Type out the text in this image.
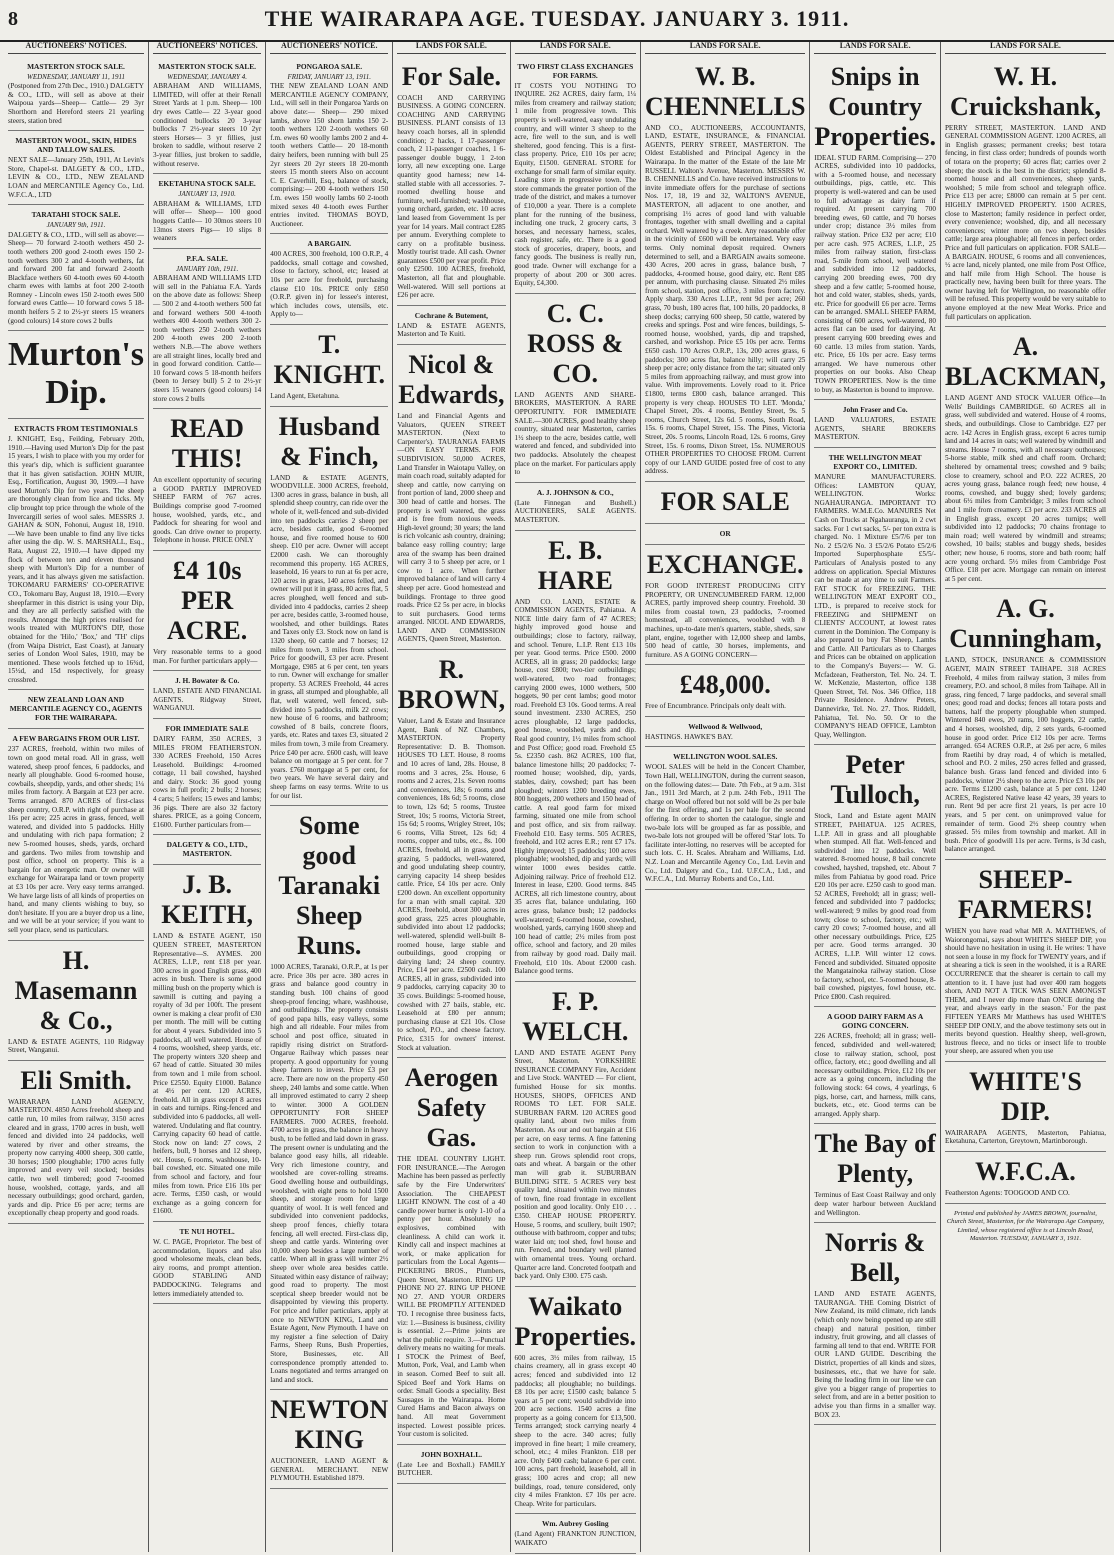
8	THE WAIRARAPA AGE. TUESDAY. JANUARY 3. 1911.
AUCTIONEERS' NOTICES.
MASTERTON STOCK SALE.
WEDNESDAY, JANUARY 11, 1911

(Postponed from 27th Dec., 1910.) DALGETY & CO., LTD., will sell as above at their Waipoua yards—Sheep— Cattle— 29 3yr Shorthorn and Hereford steers 21 yearling steers, station bred

MASTERTON WOOL, SKIN, HIDES AND TALLOW SALES.

NEXT SALE—January 25th, 1911, At Levin's Store, Chapel-st. DALGETY & CO., LTD., LEVIN & CO., LTD., NEW ZEALAND LOAN and MERCANTILE Agency Co., Ltd. W.F.C.A., LTD

TARATAHI STOCK SALE.
JANUARY 9th, 1911.

DALGETY & CO., LTD., will sell as above:— Sheep— 70 forward 2-tooth wethers 450 2-tooth wethers 200 good 2-tooth ewes 150 2-tooth wethers 300 2 and 4-tooth wethers, fat and forward 200 fat and forward 2-tooth Blackface wethers 60 4-tooth ewes 60 4-tooth charm ewes with lambs at foot 200 2-tooth Romney - Lincoln ewes 150 2-tooth ewes 500 forward ewes Cattle— 10 forward cows 5 18-month heifers 5 2 to 2½-yr steers 15 weaners (good colours) 14 store cows 2 bulls

Murton's Dip.
EXTRACTS FROM TESTIMONIALS

J. KNIGHT, Esq., Feilding, February 20th, 1910.—Having used Murton's Dip for the past 15 years, I wish to place with you my order for this year's dip, which is sufficient guarantee that it has given satisfaction. JOHN MUIR, Esq., Fortification, August 30, 1909.—I have used Murton's Dip for two years. The sheep are thoroughly clean from lice and ticks. My clip brought top price through the whole of the Invercargill series of wool sales. MESSRS J. GAHAN & SON, Fohonui, August 18, 1910.—We have been unable to find any live ticks after using the dip. W. S. MARSHALL, Esq., Rata, August 22, 1910.—I have dipped my flock of between ten and eleven thousand sheep with Murton's Dip for a number of years, and it has always given me satisfaction. TOKOMARU FARMERS' CO-OPERATIVE CO., Tokomaru Bay, August 18, 1910.—Every sheepfarmer in this district is using your Dip, and they are all perfectly satisfied with the results. Amongst the high prices realised for wools treated with MURTON'S DIP, those obtained for the 'Hilo,' 'Box,' and 'TH' clips (from Waipa District, East Coast), at January series of London Wool Sales, 1910, may be mentioned. These wools fetched up to 16¾d, 15½d, and 15d respectively, for greasy crossbred.

NEW ZEALAND LOAN AND MERCANTILE AGENCY CO., AGENTS FOR THE WAIRARAPA.
A FEW BARGAINS FROM OUR LIST.

237 ACRES, freehold, within two miles of town on good metal road. All in grass, well watered, sheep proof fences, 6 paddocks, and nearly all ploughable. Good 6-roomed house, cowbails, sheepdip, yards, and other sheds; 1¼ miles from factory. A Bargain at £23 per acre. Terms arranged. 870 ACRES of first-class sheep country, O.R.P. with right of purchase at 16s per acre; 225 acres in grass, fenced, well watered, and divided into 5 paddocks. Hilly and undulating with rich papa formation; 2 new 5-roomed houses, sheds, yards, orchard and gardens. Two miles from township and post office, school on property. This is a bargain for an energetic man. Or owner will exchange for Wairarapa land or town property at £3 10s per acre. Very easy terms arranged. We have large lists of all kinds of properties on hand, and many clients wishing to buy, so don't hesitate. If you are a buyer drop us a line, and we will be at your service; if you want to sell your place, send us particulars.

H. Masemann & Co.,

LAND & ESTATE AGENTS, 110 Ridgway Street, Wanganui.

Eli Smith.

WAIRARAPA LAND AGENCY, MASTERTON. 4850 Acres freehold sheep and cattle run, 10 miles from railway, 3150 acres cleared and in grass, 1700 acres in bush, well fenced and divided into 24 paddocks, well watered by river and other streams, the property now carrying 4000 sheep, 300 cattle, 30 horses; 1500 ploughable; 1700 acres fully improved and every veil stocked; besides cattle, two well timbered; good 7-roomed house, woolshed, cottage, yards, and all necessary outbuildings; good orchard, garden, yards and dip. Price £6 per acre; terms are exceptionally cheap property and good roads.

AUCTIONEERS' NOTICES.
MASTERTON STOCK SALE.
WEDNESDAY, JANUARY 4.

ABRAHAM AND WILLIAMS, LIMITED, will offer at their Renall Street Yards at 1 p.m. Sheep— 100 dry ewes Cattle— 22 3-year good conditioned bullocks 20 3-year bullocks 7 2½-year steers 10 2yr steers Horses— 3 yr fillies, just broken to saddle, without reserve 2 3-year fillies, just broken to saddle, without reserve.

EKETAHUNA STOCK SALE.
JANUARY 13, 1910.

ABRAHAM & WILLIAMS, LTD will offer— Sheep— 100 good hoggets Cattle— 10 30mos steers 10 13mos steers Pigs— 10 slips 8 weaners

P.F.A. SALE.
JANUARY 10th, 1911.

ABRAHAM AND WILLIAMS LTD will sell in the Pahiatua F.A. Yards on the above date as follows: Sheep— 500 2 and 4-tooth wethers 500 fat and forward wethers 500 4-tooth wethers 400 4-tooth wethers 300 2-tooth wethers 250 2-tooth wethers 200 4-tooth ewes 200 2-tooth wethers N.B.—The above wethers are all straight lines, locally bred and in good forward condition. Cattle— 10 forward cows 5 18-month heifers (been to Jersey bull) 5 2 to 2½-yr steers 15 weaners (good colours) 14 store cows 2 bulls

READ THIS!

An excellent opportunity of securing a GOOD PARTLY IMPROVED SHEEP FARM of 767 acres. Buildings comprise good 7-roomed house, woolshed, yards, etc., and Paddock for shearing for wool and goods. Can drive owner to property. Telephone in house. PRICE ONLY

£4 10s PER ACRE.

Very reasonable terms to a good man. For further particulars apply—

J. H. Bowater & Co.

LAND, ESTATE AND FINANCIAL AGENTS. Ridgway Street, WANGANUI.

FOR IMMEDIATE SALE

DAIRY FARM, 350 ACRES, 3 MILES FROM FEATHERSTON. 330 ACRES Freehold, 150 Acres Leasehold. Buildings: 4-roomed cottage, 11 bail cowshed, hayshed and dairy. Stock: 36 good young cows in full profit; 2 bulls; 2 horses; 4 carts; 5 heifers; 15 ewes and lambs; 36 pigs. There are also 32 factory shares. PRICE, as a going Concern, £1600. Further particulars from—

DALGETY & CO., LTD., MASTERTON.
J. B. KEITH,

LAND & ESTATE AGENT, 150 QUEEN STREET, MASTERTON Representative—S. AYMES. 200 ACRES, L.I.P., rent £18 per year. 300 acres in good English grass, 400 acres in bush. There is some good milling bush on the property which is sawmill is cutting and paying a royalty of 3d per 100ft. The present owner is making a clear profit of £30 per month. The mill will be cutting for about 4 years. Subdivided into 5 paddocks, all well watered. House of 4 rooms, woolshed, sheep yards, etc. The property winters 320 sheep and 67 head of cattle. Situated 30 miles from town and 1 mile from school. Price £2550. Equity £1000. Balance at 4½ per cent. 120 ACRES, freehold. All in grass except 8 acres in oats and turnips. Ring-fenced and subdivided into 6 paddocks, all well-watered. Undulating and flat country. Carrying capacity 60 head of cattle. Stock now on land: 27 cows, 2 heifers, bull, 9 horses and 12 sheep, etc. House, 6 rooms, washhouse, 10-bail cowshed, etc. Situated one mile from school and factory, and four miles from town. Price £16 10s per acre. Terms, £350 cash, or would exchange as a going concern for £1600.

TE NUI HOTEL.

W. C. PAGE, Proprietor. The best of accommodation, liquors and also good wholesome meals, clean beds, airy rooms, and prompt attention. GOOD STABLING AND PADDOCKING. Telegrams and letters immediately attended to.

AUCTIONEERS' NOTICE.
PONGAROA SALE.
FRIDAY, JANUARY 13, 1911.

THE NEW ZEALAND LOAN AND MERCANTILE AGENCY COMPANY, Ltd., will sell in their Pongaroa Yards on above date:— Sheep— 290 mixed lambs, above 150 shorn lambs 150 2-tooth wethers 120 2-tooth wethers 60 f.m. ewes 60 woolly lambs 200 2 and 4-tooth wethers Cattle— 20 18-month dairy heifers, been running with bull 25 2yr steers 20 2yr steers 18 20-month steers 15 month steers Also on account C. E. Caverhill, Esq., balance of stock, comprising:— 200 4-tooth wethers 150 f.m. ewes 150 woolly lambs 60 2-tooth mixed sexes 40 4-tooth ewes Further entries invited. THOMAS BOYD, Auctioneer.

A BARGAIN.

400 ACRES, 300 freehold, 100 O.R.P., 4 paddocks, small cottage and cowshed, close to factory, school, etc; leased at 10s per acre for freehold, purchasing clause £10 10s. PRICE only £850 (O.R.P. given in) for lessee's interest, which includes cows, utensils, etc. Apply to—

T. KNIGHT.

Land Agent, Eketahuna.

Husband & Finch,

LAND & ESTATE AGENTS, WOODVILLE. 3000 ACRES, freehold, 1300 acres in grass, balance in bush, all splendid sheep country, can ride over the whole of it, well-fenced and sub-divided into ten paddocks carries 2 sheep per acre, besides cattle, good 6-roomed house, and five roomed house to 600 sheep. £10 per acre. Owner will accept £2000 cash. We can thoroughly recommend this property. 165 ACRES, leasehold, 16 years to run at 6s per acre, 120 acres in grass, 140 acres felled, and owner will put it in grass, 80 acres flat, 5 acres ploughed, well fenced and sub-divided into 4 paddocks, carries 2 sheep per acre, besides cattle, 3-roomed house, woolshed, and other buildings. Rates and Taxes only £3. Stock now on land is 1320 sheep, 60 cattle and 7 horses; 12 miles from town, 3 miles from school. Price for goodwill, £3 per acre. Present Mortgage, £985 at 6 per cent, ten years to run. Owner will exchange for smaller property. 53 ACRES Freehold, 44 acres in grass, all stumped and ploughable, all flat, well watered, well fenced, sub-divided into 5 paddocks, milk 22 cows; new house of 6 rooms, and bathroom; cowshed of 8 bails, concrete floors, yards, etc. Rates and taxes £3, situated 2 miles from town, 3 mile from Creamery. Price £40 per acre. £600 cash, will leave balance on mortgage at 5 per cent. for 7 years. £760 mortgage at 5 per cent, for two years. We have several dairy and sheep farms on easy terms. Write to us for our list.

Some good Taranaki Sheep Runs.

1000 ACRES, Taranaki, O.R.P., at 1s per acre. Price 30s per acre. 380 acres in grass and balance good country in standing bush. 100 chains of good sheep-proof fencing; whare, washhouse, and outbuildings. The property consists of good papa hills, easy valleys, some high and all rideable. Four miles from school and post office, situated in rapidly rising district on Stratford-Ongarue Railway which passes near property. A good opportunity for young sheep farmers to invest. Price £3 per acre. There are now on the property 450 sheep, 240 lambs and some cattle. When all improved estimated to carry 2 sheep to winter. 3000 A GOLDEN OPPORTUNITY FOR SHEEP FARMERS. 7000 ACRES, freehold. 4700 acres in grass, the balance in heavy bush, to be felled and laid down in grass. The present owner is undulating and the balance good easy hills, all rideable. Very rich limestone country, and woolshed are cover-rolling streams. Good dwelling house and outbuildings, woolshed, with eight pens to hold 1500 sheep, and storage room for large quantity of wool. It is well fenced and subdivided into convenient paddocks, sheep proof fences, chiefly totara fencing, all well erected. First-class dip, sheep and cattle yards. Wintering over 10,000 sheep besides a large number of cattle. When all in grass will winter 2½ sheep over whole area besides cattle. Situated within easy distance of railway; good road to property. The most sceptical sheep breeder would not be disappointed by viewing this property. For price and fuller particulars, apply at once to NEWTON KING, Land and Estate Agent, New Plymouth. I have on my register a fine selection of Dairy Farms, Sheep Runs, Bush Properties, Store, Businesses, etc. All correspondence promptly attended to. Loans negotiated and terms arranged on land and stock.

NEWTON KING

AUCTIONEER, LAND AGENT & GENERAL MERCHANT. NEW PLYMOUTH. Established 1879.

LANDS FOR SALE.
For Sale.

COACH AND CARRYING BUSINESS. A GOING CONCERN. COACHING AND CARRYING BUSINESS. PLANT consists of 13 heavy coach horses, all in splendid condition; 2 hacks, 1 17-passenger coach, 2 11-passenger coaches, 1 6-passenger double buggy, 1 2-ton lorry, all new excepting one. Large quantity good harness; new 14-stalled stable with all accessories. 7-roomed dwelling house and furniture, well-furnished; washhouse, young orchard, garden, etc. 10 acres land leased from Government 1s per year for 14 years. Mail contract £285 per annum. Everything complete to carry on a profitable business. Mostly tourist trade. All cash. Owner guarantees £500 per year profit. Price only £2500. 100 ACRES, freehold, Masterton, all flat and ploughable. Well-watered. Will sell portions at £26 per acre.

Cochrane & Butement,

LAND & ESTATE AGENTS, Masterton and Te Kuiti.

Nicol & Edwards,

Land and Financial Agents and Valuators, QUEEN STREET MASTERTON. (Next to Carpenter's). TAURANGA FARMS—ON EASY TERMS. FOR SUBDIVISION. 50,000 ACRES, Land Transfer in Waiotapu Valley, on main coach road, suitably adapted for sheep and cattle, now carrying on front portion of land, 2000 sheep and 300 head of cattle and horses. The property is well watered, the grass and is free from noxious weeds. High-level ground; 30 years; the land is rich volcanic ash country, draining; balance easy rolling country; large area of the swamp has been drained will carry 3 to 5 sheep per acre, or 1 cow to 1 acre. When further improved balance of land will carry 4 sheep per acre. Good homestead and buildings. Frontage to three good roads. Price £2 5s per acre, in blocks to suit purchasers. Good terms arranged. NICOL AND EDWARDS, LAND AND COMMISSION AGENTS, Queen Street, Masterton.

R. BROWN,

Valuer, Land & Estate and Insurance Agent, Bank of NZ Chambers, MASTERTON. Property Representative: D. B. Thomson. HOUSES TO LET. House, 8 rooms and 10 acres of land, 28s. House, 8 rooms and 3 acres, 25s. House, 6 rooms and 2 acres, 21s. Seven rooms and conveniences, 18s; 6 rooms and conveniences, 18s 6d; 5 rooms, close to town, 12s 6d; 5 rooms, Trustee Street, 10s; 5 rooms, Victoria Street, 15s 6d; 5 rooms, Wrigley Street, 10s; 6 rooms, Villa Street, 12s 6d; 4 rooms, copper and tubs, etc., 8s. 100 ACRES, freehold, all in grass, good grazing, 5 paddocks, well-watered, and good undulating sheep country, carrying capacity 14 sheep besides cattle. Price, £4 10s per acre. Only £200 down. An excellent opportunity for a man with small capital. 320 ACRES, freehold, about 300 acres in good grass, 225 acres ploughable, subdivided into about 12 paddocks; well-watered, splendid well-built 8-roomed house, large stable and outbuildings, good cropping or dairying land; 24 sheep country. Price, £14 per acre. £2500 cash. 100 ACRES, all in grass, subdivided into 9 paddocks, carrying capacity 30 to 35 cows. Buildings: 5-roomed house, cowshed with 27 bails, stable, etc. Leasehold at £80 per annum; purchasing clause at £21 10s. Close to school, P.O., and cheese factory. Price, £315 for owners' interest. Stock at valuation.

Aerogen Safety Gas.

THE IDEAL COUNTRY LIGHT. FOR INSURANCE.—The Aerogen Machine has been passed as perfectly safe by the Fire Underwriters' Association. The CHEAPEST LIGHT KNOWN. The cost of a 40 candle power burner is only 1-10 of a penny per hour. Absolutely no explosives, combined with cleanliness. A child can work it. Kindly call and inspect machines at work, or make application for particulars from the Local Agents— PICKERING BROS., Plumbers, Queen Street, Masterton. RING UP PHONE NO 27. RING UP PHONE NO 27. AND YOUR ORDERS WILL BE PROMPTLY ATTENDED TO. I recognise three business facts, viz: 1.—Business is business, civility is essential. 2.—Prime joints are what the public require. 3.—Punctual delivery means no waiting for meals. I STOCK the Primest of Beef, Mutton, Pork, Veal, and Lamb when in season. Corned Beef to suit all. Spiced Beef and York Hams on order. Small Goods a speciality. Best Sausages in the Wairarapa. Home Cured Hams and Bacon always on hand. All meat Government inspected. Lowest possible prices. Your custom is solicited.

JOHN BOXHALL.

(Late Lee and Boxhall.) FAMILY BUTCHER.

LANDS FOR SALE.
TWO FIRST CLASS EXCHANGES FOR FARMS.

IT COSTS YOU NOTHING TO INQUIRE. 262 ACRES, dairy farm, 1¼ miles from creamery and railway station; 1 mile from progressive town. This property is well-watered, easy undulating country, and will winter 3 sheep to the acre, fire well to the sun, and is well sheltered, good fencing. This is a first-class property. Price, £10 10s per acre; Equity, £1500. GENERAL STORE for exchange for small farm of similar equity. Leading store in progressive town. The store commands the greater portion of the trade of the district, and makes a turnover of £10,000 a year. There is a complete plant for the running of the business, including one truck, 2 grocery carts, 3 horses, and necessary harness, scales, cash register, safe, etc. There is a good stock of groceries, drapery, boots, and fancy goods. The business is really run, good trade. Owner will exchange for a property of about 200 or 300 acres. Equity, £4,300.

C. C. ROSS & CO.

LAND AGENTS AND SHARE-BROKERS, MASTERTON. A RARE OPPORTUNITY. FOR IMMEDIATE SALE.—300 ACRES, good healthy sheep country, situated near Masterton, carries 1½ sheep to the acre, besides cattle, well watered and fenced, and subdivided into two paddocks. Absolutely the cheapest place on the market. For particulars apply to

A. J. JOHNSON & CO.,

(Late Finnegan and Bushell.) AUCTIONEERS, SALE AGENTS. MASTERTON.

E. B. HARE

AND CO. LAND, ESTATE & COMMISSION AGENTS, Pahiatua. A NICE little dairy farm of 47 ACRES; highly improved good house and outbuildings; close to factory, railway, and school. Tenure, L.I.P. Rent £13 10s per year. Good terms. Price £500. 2000 ACRES, all in grass; 20 paddocks; large house, cost £800; two-tier outbuildings; well-watered, two road frontages; carrying 2000 ewes, 1000 wethers, 500 hoggets, 90 per cent lambs; good motor road. Freehold £3 10s. Good terms. A real sound investment. 2330 ACRES, 250 acres ploughable, 12 large paddocks, good house, woolshed, yards and dip. Real good country, 1½ miles from school and Post Office; good road. Freehold £5 5s. £2350 cash. 862 ACRES, 100 flat, balance limestone hills; 20 paddocks; 7-roomed house; woolshed, dip, yards, stables, dairy, cowshed; part has been ploughed; winters 1200 breeding ewes, 800 hoggets, 200 wethers and 150 head of cattle. A real good farm for mixed farming, situated one mile from school and post office, and six from railway. Freehold £10. Easy terms. 505 ACRES, freehold, and 102 acres E.R.; rent £7 17s. Highly improved; 15 paddocks; 100 acres ploughable; woolshed, dip and yards; will winter 1000 ewes besides cattle. Adjoining railway. Price of freehold £12. Interest in lease, £200. Good terms. 845 ACRES, all rich limestone country, about 35 acres flat, balance undulating, 160 acres grass, balance bush; 12 paddocks well-watered; 6-roomed house, cowshed, woolshed, yards, carrying 1600 sheep and 100 head of cattle; 2½ miles from post office, school and factory, and 20 miles from railway by good road. Daily mail. Freehold, £10 10s. About £2000 cash. Balance good terms.

F. P. WELCH.

LAND AND ESTATE AGENT Perry Street, Masterton. YORKSHIRE INSURANCE COMPANY Fire, Accident and Live Stock. WANTED — For client, furnished House for six months. HOUSES, SHOPS, OFFICES AND ROOMS TO LET. FOR SALE. SUBURBAN FARM. 120 ACRES good quality land, about two miles from Masterton. As our and out bargain at £16 per acre, on easy terms. A fine fattening section to work in conjunction with a sheep run. Grows splendid root crops, oats and wheat. A bargain or the other man will grab it. SUBURBAN BUILDING SITE. 5 ACRES very best quality land, situated within two minutes of town, fine road frontage in excellent position and good locality. Only £10 . . . £350. CHEAP HOUSE PROPERTY. House, 5 rooms, and scullery, built 1907; outhouse with bathroom, copper and tubs; water laid on; tool shed, fowl house and run. Fenced, and boundary well planted with ornamental trees. Young orchard. Quarter acre land. Concreted footpath and back yard. Only £300. £75 cash.

Waikato Properties.

600 acres, 3½ miles from railway, 15 chains creamery, all in grass except 40 acres; fenced and subdivided into 12 paddocks; all ploughable; no buildings. £8 10s per acre; £1500 cash; balance 5 years at 5 per cent; would subdivide into 200 acre sections. 1540 acres a fine property as a going concern for £13,500. Terms arranged; stock carrying nearly 4 sheep to the acre. 340 acres; fully improved in fine heart; 1 mile creamery, school, etc.; 4 miles Frankton. £18 per acre. Only £400 cash; balance 6 per cent. 100 acres, part freehold, leasehold, all in grass; 100 acres and crop; all new buildings, road, tenure considered, only city 4 miles Frankton. £7 10s per acre. Cheap. Write for particulars.

Wm. Aubrey Gosling

(Land Agent) FRANKTON JUNCTION, WAIKATO

LANDS FOR SALE.
W. B. CHENNELLS

AND CO., AUCTIONEERS, ACCOUNTANTS, LAND, ESTATE, INSURANCE, & FINANCIAL AGENTS, PERRY STREET, MASTERTON. The Oldest Established and Principal Agency in the Wairarapa. In the matter of the Estate of the late Mr RUSSELL Walton's Avenue, Masterton. MESSRS W. B. CHENNELLS and Co. have received instructions to invite immediate offers for the purchase of sections Nos. 17, 18, 19 and 32, WALTON'S AVENUE, MASTERTON, all adjacent to one another, and comprising 1½ acres of good land with valuable frontages, together with small dwelling and a capital orchard. Well watered by a creek. Any reasonable offer in the vicinity of £600 will be entertained. Very easy terms. Only nominal deposit required. Owners determined to sell, and a BARGAIN awaits someone. 430 Acres, 200 acres in grass, balance bush, 7 paddocks, 4-roomed house, good dairy, etc. Rent £85 per annum, with purchasing clause. Situated 2½ miles from school, station, post office, 3 miles from factory. Apply sharp. 330 Acres L.I.P., rent 9d per acre; 260 grass, 70 bush, 180 acres flat, 100 hills, 20 paddocks, 8 sheep docks; carrying 600 sheep, 50 cattle, watered by creeks and springs. Post and wire fences, buildings, 5-roomed house, woolshed, yards, dip and trapshed, carshed, and workshop. Price £5 10s per acre. Terms £650 cash. 170 Acres O.R.P., 13s, 200 acres grass, 6 paddocks; 300 acres flat, balance hilly; will carry 25 sheep per acre; only distance from the tar; situated only 5 miles from approaching railway, and must grow into value. With improvements. Lovely road to it. Price £1800, terms £800 cash, balance arranged. This property is very cheap. HOUSES TO LET. 'Monda,' Chapel Street, 20s. 4 rooms, Bentley Street, 9s. 5 rooms, Church Street, 12s 6d. 5 rooms, South Road, 15s. 6 rooms, Chapel Street, 15s. The Pines, Victoria Street, 20s. 5 rooms, Lincoln Road, 12s. 6 rooms, Grey Street, 15s. 6 rooms, Dixon Street, 15s. NUMEROUS OTHER PROPERTIES TO CHOOSE FROM. Current copy of our LAND GUIDE posted free of cost to any address.

FOR SALE
OR
EXCHANGE.

FOR GOOD INTEREST PRODUCING CITY PROPERTY, OR UNENCUMBERED FARM. 12,000 ACRES, partly improved sheep country. Freehold. 30 miles from coastal town, 23 paddocks, 7-roomed homestead, all conveniences, woolshed with 8 machines, up-to-date men's quarters, stable, sheds, saw plant, engine, together with 12,000 sheep and lambs, 500 head of cattle, 30 horses, implements, and furniture. AS A GOING CONCERN—

£48,000.

Free of Encumbrance. Principals only dealt with.

Wellwood & Wellwood,

HASTINGS. HAWKE'S BAY.

WELLINGTON WOOL SALES.

WOOL SALES will be held in the Concert Chamber, Town Hall, WELLINGTON, during the current season, on the following dates:— Date. 7th Feb., at 9 a.m. 31st Jan., 1911 3rd March, at 2 p.m. 24th Feb., 1911 The charge on Wool offered but not sold will be 2s per bale for the first offering, and 1s per bale for the second offering. In order to shorten the catalogue, single and two-bale lots will be grouped as far as possible, and two-bale lots not grouped will be offered 'Star' lots. To facilitate inter-lotting, no reserves will be accepted for such lots. C. H. Scales. Abraham and Williams, Ltd. N.Z. Loan and Mercantile Agency Co., Ltd. Levin and Co., Ltd. Dalgety and Co., Ltd. U.F.C.A., Ltd., and W.F.C.A., Ltd. Murray Roberts and Co., Ltd.

LANDS FOR SALE.
Snips in Country Properties.

IDEAL STUD FARM. Comprising— 270 ACRES, subdivided into 10 paddocks, with a 5-roomed house, and necessary outbuildings, pigs, cattle, etc. This property is well-watered and can be used to full advantage as dairy farm if required. At present carrying 700 breeding ewes, 60 cattle, and 70 horses under crop; distance 3½ miles from railway station. Price £32 per acre; £10 per acre cash. 975 ACRES, L.I.P., 25 miles from railway station, first-class road, 5-mile from school, well watered and subdivided into 12 paddocks, carrying 200 breeding ewes, 700 dry sheep and a few cattle; 5-roomed house, hot and cold water, stables, sheds, yards, etc. Price for goodwill £6 per acre. Terms can be arranged. SMALL SHEEP FARM, consisting of 600 acres, well-watered, 80 acres flat can be used for dairying. At present carrying 600 breeding ewes and 60 cattle. 13 miles from station. Yards, etc. Price, £6 10s per acre. Easy terms arranged. We have numerous other properties on our books. Also Cheap TOWN PROPERTIES. Now is the time to buy, as Masterton is bound to improve.

John Fraser and Co.

LAND VALUATORS, ESTATE AGENTS, SHARE BROKERS MASTERTON.

THE WELLINGTON MEAT EXPORT CO., LIMITED.

MANURE MANUFACTURERS. Offices: LAMBTON QUAY, WELLINGTON. Works: NGAHAURANGA. IMPORTANT TO FARMERS. W.M.E.Co. MANURES Net Cash on Trucks at Ngahauranga, in 2 cwt sacks. For 1 cwt sacks, 5/- per ton extra is charged. No. 1 Mixture £5/7/6 per ton No. 2 £5/2/6 No. 3 £5/2/6 Potato £5/2/6 Imported Superphosphate £5/5/- Particulars of Analysis posted to any address on application. Special Mixtures can be made at any time to suit Farmers. FAT STOCK for FREEZING. THE WELLINGTON MEAT EXPORT CO., LTD., is prepared to receive stock for FREEZING and SHIPMENT on CLIENTS' ACCOUNT, at lowest rates current in the Dominion. The Company is also prepared to buy Fat Sheep, Lambs and Cattle. All Particulars as to Charges and Prices can be obtained on application to the Company's Buyers:— W. G. Mcfadzean, Featherston, Tel. No. 24. T. W. McKenzie, Masterton, office 138 Queen Street, Tel. Nos. 346 Office, 118 Private Residence. Andrew Peters, Dannevirke, Tel. No. 27. Thos. Riddell, Pahiatua, Tel. No. 50. Or to the COMPANY'S HEAD OFFICE, Lambton Quay, Wellington.

Peter Tulloch,

Stock, Land and Estate agent MAIN STREET, PAHIATUA. 125 ACRES, L.I.P. All in grass and all ploughable when stumped. All flat. Well-fenced and subdivided into 12 paddocks. Well watered. 8-roomed house, 8 bail concrete cowshed, hayshed, trapshed, etc. About 7 miles from Pahiatua by good road. Price £20 10s per acre. £250 cash to good man. 52 ACRES, Freehold; all in grass; well-fenced and subdivided into 7 paddocks; well-watered; 9 miles by good road from town; close to school, factory, etc.; will carry 20 cows; 7-roomed house, and all other necessary outbuildings. Price, £25 per acre. Good terms arranged. 30 ACRES, L.I.P. Will winter 12 cows. Fenced and subdivided. Situated opposite the Mangatainoka railway station. Close to factory, school, etc. 5-roomed house, 8-bail cowshed, pigstyes, fowl house, etc. Price £800. Cash required.

A GOOD DAIRY FARM AS A GOING CONCERN.

226 ACRES, freehold; all in grass; well-fenced, subdivided and well-watered; close to railway station, school, post office, factory, etc.; good dwelling and all necessary outbuildings. Price, £12 10s per acre as a going concern, including the following stock: 64 cows, 4 yearlings, 6 pigs, horse, cart, and harness, milk cans, buckets, etc., etc. Good terms can be arranged. Apply sharp.

The Bay of Plenty,

Terminus of East Coast Railway and only deep water harbour between Auckland and Wellington.

Norris & Bell,

LAND AND ESTATE AGENTS, TAURANGA. THE Coming District of New Zealand, its mild climate, rich lands (which only now being opened up are still cheap) and natural position, timber industry, fruit growing, and all classes of farming all tend to that end. WRITE FOR OUR LAND GUIDE. Describing the District, properties of all kinds and sizes, businesses, etc., that we have for sale. Being the leading firm in our line we can give you a bigger range of properties to select from, and are in a better position to advise you than firms in a smaller way. BOX 23.

LANDS FOR SALE.
W. H. Cruickshank,

PERRY STREET, MASTERTON. LAND AND GENERAL COMMISSION AGENT. 1200 ACRES, all in English grasses; permanent creeks; best totara fencing, in first class order; hundreds of pounds worth of totara on the property; 60 acres flat; carries over 2 sheep; the stock is the best in the district; splendid 8-roomed house and all conveniences, sheep yards, woolshed; 5 mile from school and telegraph office. Price £13 per acre; £8000 can remain at 5 per cent. HIGHLY IMPROVED PROPERTY. 1500 ACRES, close to Masterton; family residence in perfect order, every convenience; woolshed, dip, and all necessary conveniences; winter more on two sheep, besides cattle; large area ploughable; all fences in perfect order. Price and full particulars on application. FOR SALE—A BARGAIN. HOUSE, 6 rooms and all conveniences, ½ acre land, nicely planted, one mile from Post Office, and half mile from High School. The house is practically new, having been built for three years. The owner having left for Wellington, no reasonable offer will be refused. This property would be very suitable to anyone employed at the new Meat Works. Price and full particulars on application.

A. BLACKMAN,

LAND AGENT AND STOCK VALUER Office—In Wells' Buildings CAMBRIDGE. 60 ACRES all in grass, well subdivided and watered. House of 4 rooms, sheds, and outbuildings. Close to Cambridge. £27 per acre. 142 Acres in English grass, except 6 acres turnip land and 14 acres in oats; well watered by windmill and streams. House 7 rooms, with all necessary outhouses; 5-horse stable, milk shed and chaff room. Orchard; sheltered by ornamental trees; cowshed and 9 bails; close to creamery, school and P.O. 222 ACRES, 20 acres young grass, balance rough feed; new house, 4 rooms, cowshed, and buggy shed; lovely gardens; about 6½ miles from Cambridge; 3 miles from school and 1 mile from creamery. £3 per acre. 233 ACRES all in English grass, except 20 acres turnips; well subdivided into 12 paddocks; 70 chains frontage to main road; well watered by windmill and streams; cowshed, 10 bails; stables and buggy sheds, besides other; new house, 6 rooms, store and bath room; half acre young orchard. 5½ miles from Cambridge Post Office. £18 per acre. Mortgage can remain on interest at 5 per cent.

A. G. Cunningham,

LAND, STOCK, INSURANCE & COMMISSION AGENT, MAIN STREET TAIHAPE. 318 ACRES Freehold, 4 miles from railway station, 3 miles from creamery, P.O. and school, 8 miles from Taihape. All in grass, ring fenced, 7 large paddocks, and several small ones; good road and docks; fences all totara posts and battens, half the property ploughable when stumped. Wintered 840 ewes, 20 rams, 100 hoggets, 22 cattle, and 4 horses, woolshed, dip, 2 sets yards, 6-roomed house in good order. Price £12 10s per acre. Terms arranged. 654 ACRES O.R.P., at 2s6 per acre, 6 miles from Raetihi by dray road, 4 of which is metalled, school and P.O. 2 miles, 250 acres felled and grassed, balance bush. Grass land fenced and divided into 6 paddocks, winter 2½ sheep to the acre. Price £3 10s per acre. Terms £1200 cash, balance at 5 per cent. 1240 ACRES, Registered Native lease 42 years, 39 years to run. Rent 9d per acre first 21 years, 1s per acre 10 years, and 5 per cent. on unimproved value for remainder of term. Good 2½ sheep country when grassed. 5½ miles from township and market. All in bush. Price of goodwill 11s per acre. Terms, is 3d cash, balance arranged.

SHEEP-FARMERS!

WHEN you have read what MR A. MATTHEWS, of Waiorongomai, says about WHITE'S SHEEP DIP, you should have no hesitation in using it. He writes: 'I have not seen a louse in my flock for TWENTY years, and if at shearing a tick is seen in the woolshed, it is a RARE OCCURRENCE that the shearer is certain to call my attention to it. I have just had over 400 ram hoggets shorn, AND NOT A TICK WAS SEEN AMONGST THEM, and I never dip more than ONCE during the year, and always early in the season.' For the past FIFTEEN YEARS Mr Matthews has used WHITE'S SHEEP DIP ONLY, and the above testimony sets out in merits beyond question. Healthy sheep, well-grown, lustrous fleece, and no ticks or insect life to trouble your sheep, are assured when you use

WHITE'S DIP.

WAIRARAPA AGENTS, Masterton, Pahiatua, Eketahuna, Carterton, Greytown, Martinborough.

W.F.C.A.

Featherston Agents: TOOGOOD AND CO.

Printed and published by JAMES BROWN, journalist, Church Street, Masterton, for the Wairarapa Age Company, Limited, whose registered office is at Lincoln Road, Masterton. TUESDAY, JANUARY 3, 1911.
